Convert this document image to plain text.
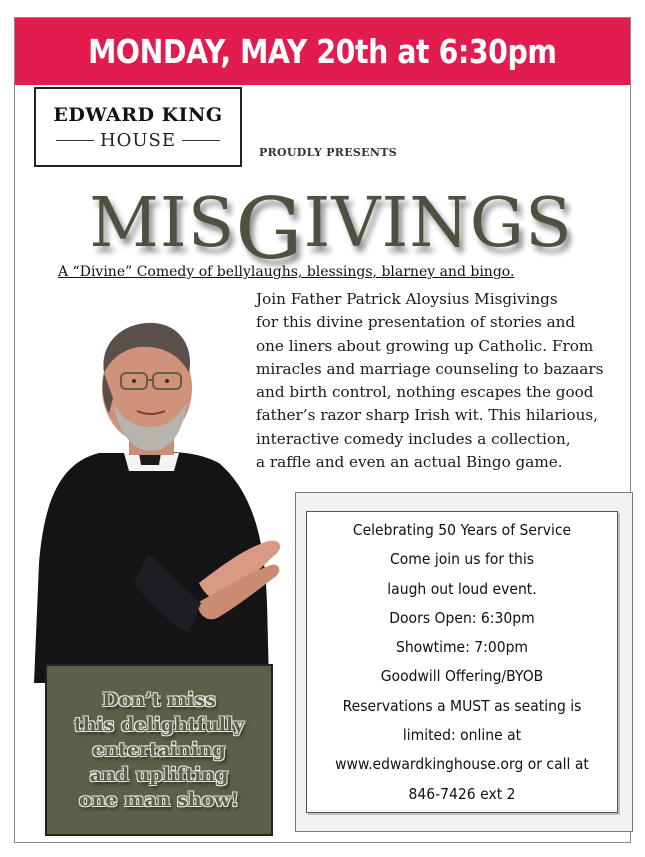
MONDAY, MAY 20th at 6:30pm
EDWARD KING
HOUSE
PROUDLY PRESENTS
MISGIVINGS
A “Divine” Comedy of bellylaughs, blessings, blarney and bingo.
Join Father Patrick Aloysius Misgivings
for this divine presentation of stories and
one liners about growing up Catholic. From
miracles and marriage counseling to bazaars
and birth control, nothing escapes the good
father’s razor sharp Irish wit. This hilarious,
interactive comedy includes a collection,
a raffle and even an actual Bingo game.
Don’t miss
this delightfully
entertaining
and uplifting
one man show!
Celebrating 50 Years of Service
Come join us for this
laugh out loud event.
Doors Open: 6:30pm
Showtime: 7:00pm
Goodwill Offering/BYOB
Reservations a MUST as seating is
limited: online at
www.edwardkinghouse.org or call at
846-7426 ext 2
